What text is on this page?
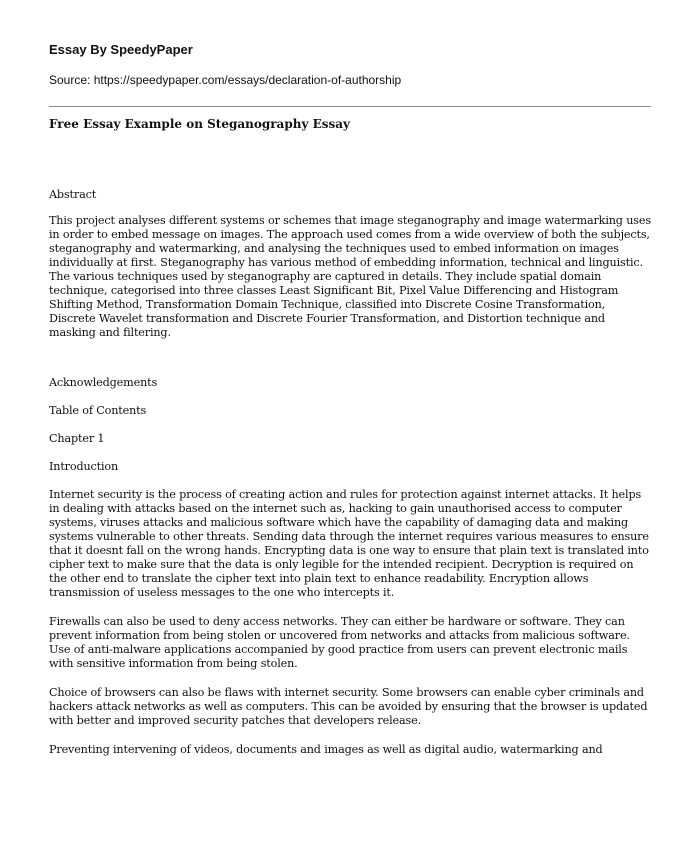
Essay By SpeedyPaper

Source: https://speedypaper.com/essays/declaration-of-authorship

Free Essay Example on Steganography Essay

Abstract

This project analyses different systems or schemes that image steganography and image watermarking uses in order to embed message on images. The approach used comes from a wide overview of both the subjects, steganography and watermarking, and analysing the techniques used to embed information on images individually at first. Steganography has various method of embedding information, technical and linguistic. The various techniques used by steganography are captured in details. They include spatial domain technique, categorised into three classes Least Significant Bit, Pixel Value Differencing and Histogram Shifting Method, Transformation Domain Technique, classified into Discrete Cosine Transformation, Discrete Wavelet transformation and Discrete Fourier Transformation, and Distortion technique and masking and filtering.

Acknowledgements

Table of Contents

Chapter 1

Introduction

Internet security is the process of creating action and rules for protection against internet attacks. It helps in dealing with attacks based on the internet such as, hacking to gain unauthorised access to computer systems, viruses attacks and malicious software which have the capability of damaging data and making systems vulnerable to other threats. Sending data through the internet requires various measures to ensure that it doesnt fall on the wrong hands. Encrypting data is one way to ensure that plain text is translated into cipher text to make sure that the data is only legible for the intended recipient. Decryption is required on the other end to translate the cipher text into plain text to enhance readability. Encryption allows transmission of useless messages to the one who intercepts it.

Firewalls can also be used to deny access networks. They can either be hardware or software. They can prevent information from being stolen or uncovered from networks and attacks from malicious software. Use of anti-malware applications accompanied by good practice from users can prevent electronic mails with sensitive information from being stolen.

Choice of browsers can also be flaws with internet security. Some browsers can enable cyber criminals and hackers attack networks as well as computers. This can be avoided by ensuring that the browser is updated with better and improved security patches that developers release.

Preventing intervening of videos, documents and images as well as digital audio, watermarking and
